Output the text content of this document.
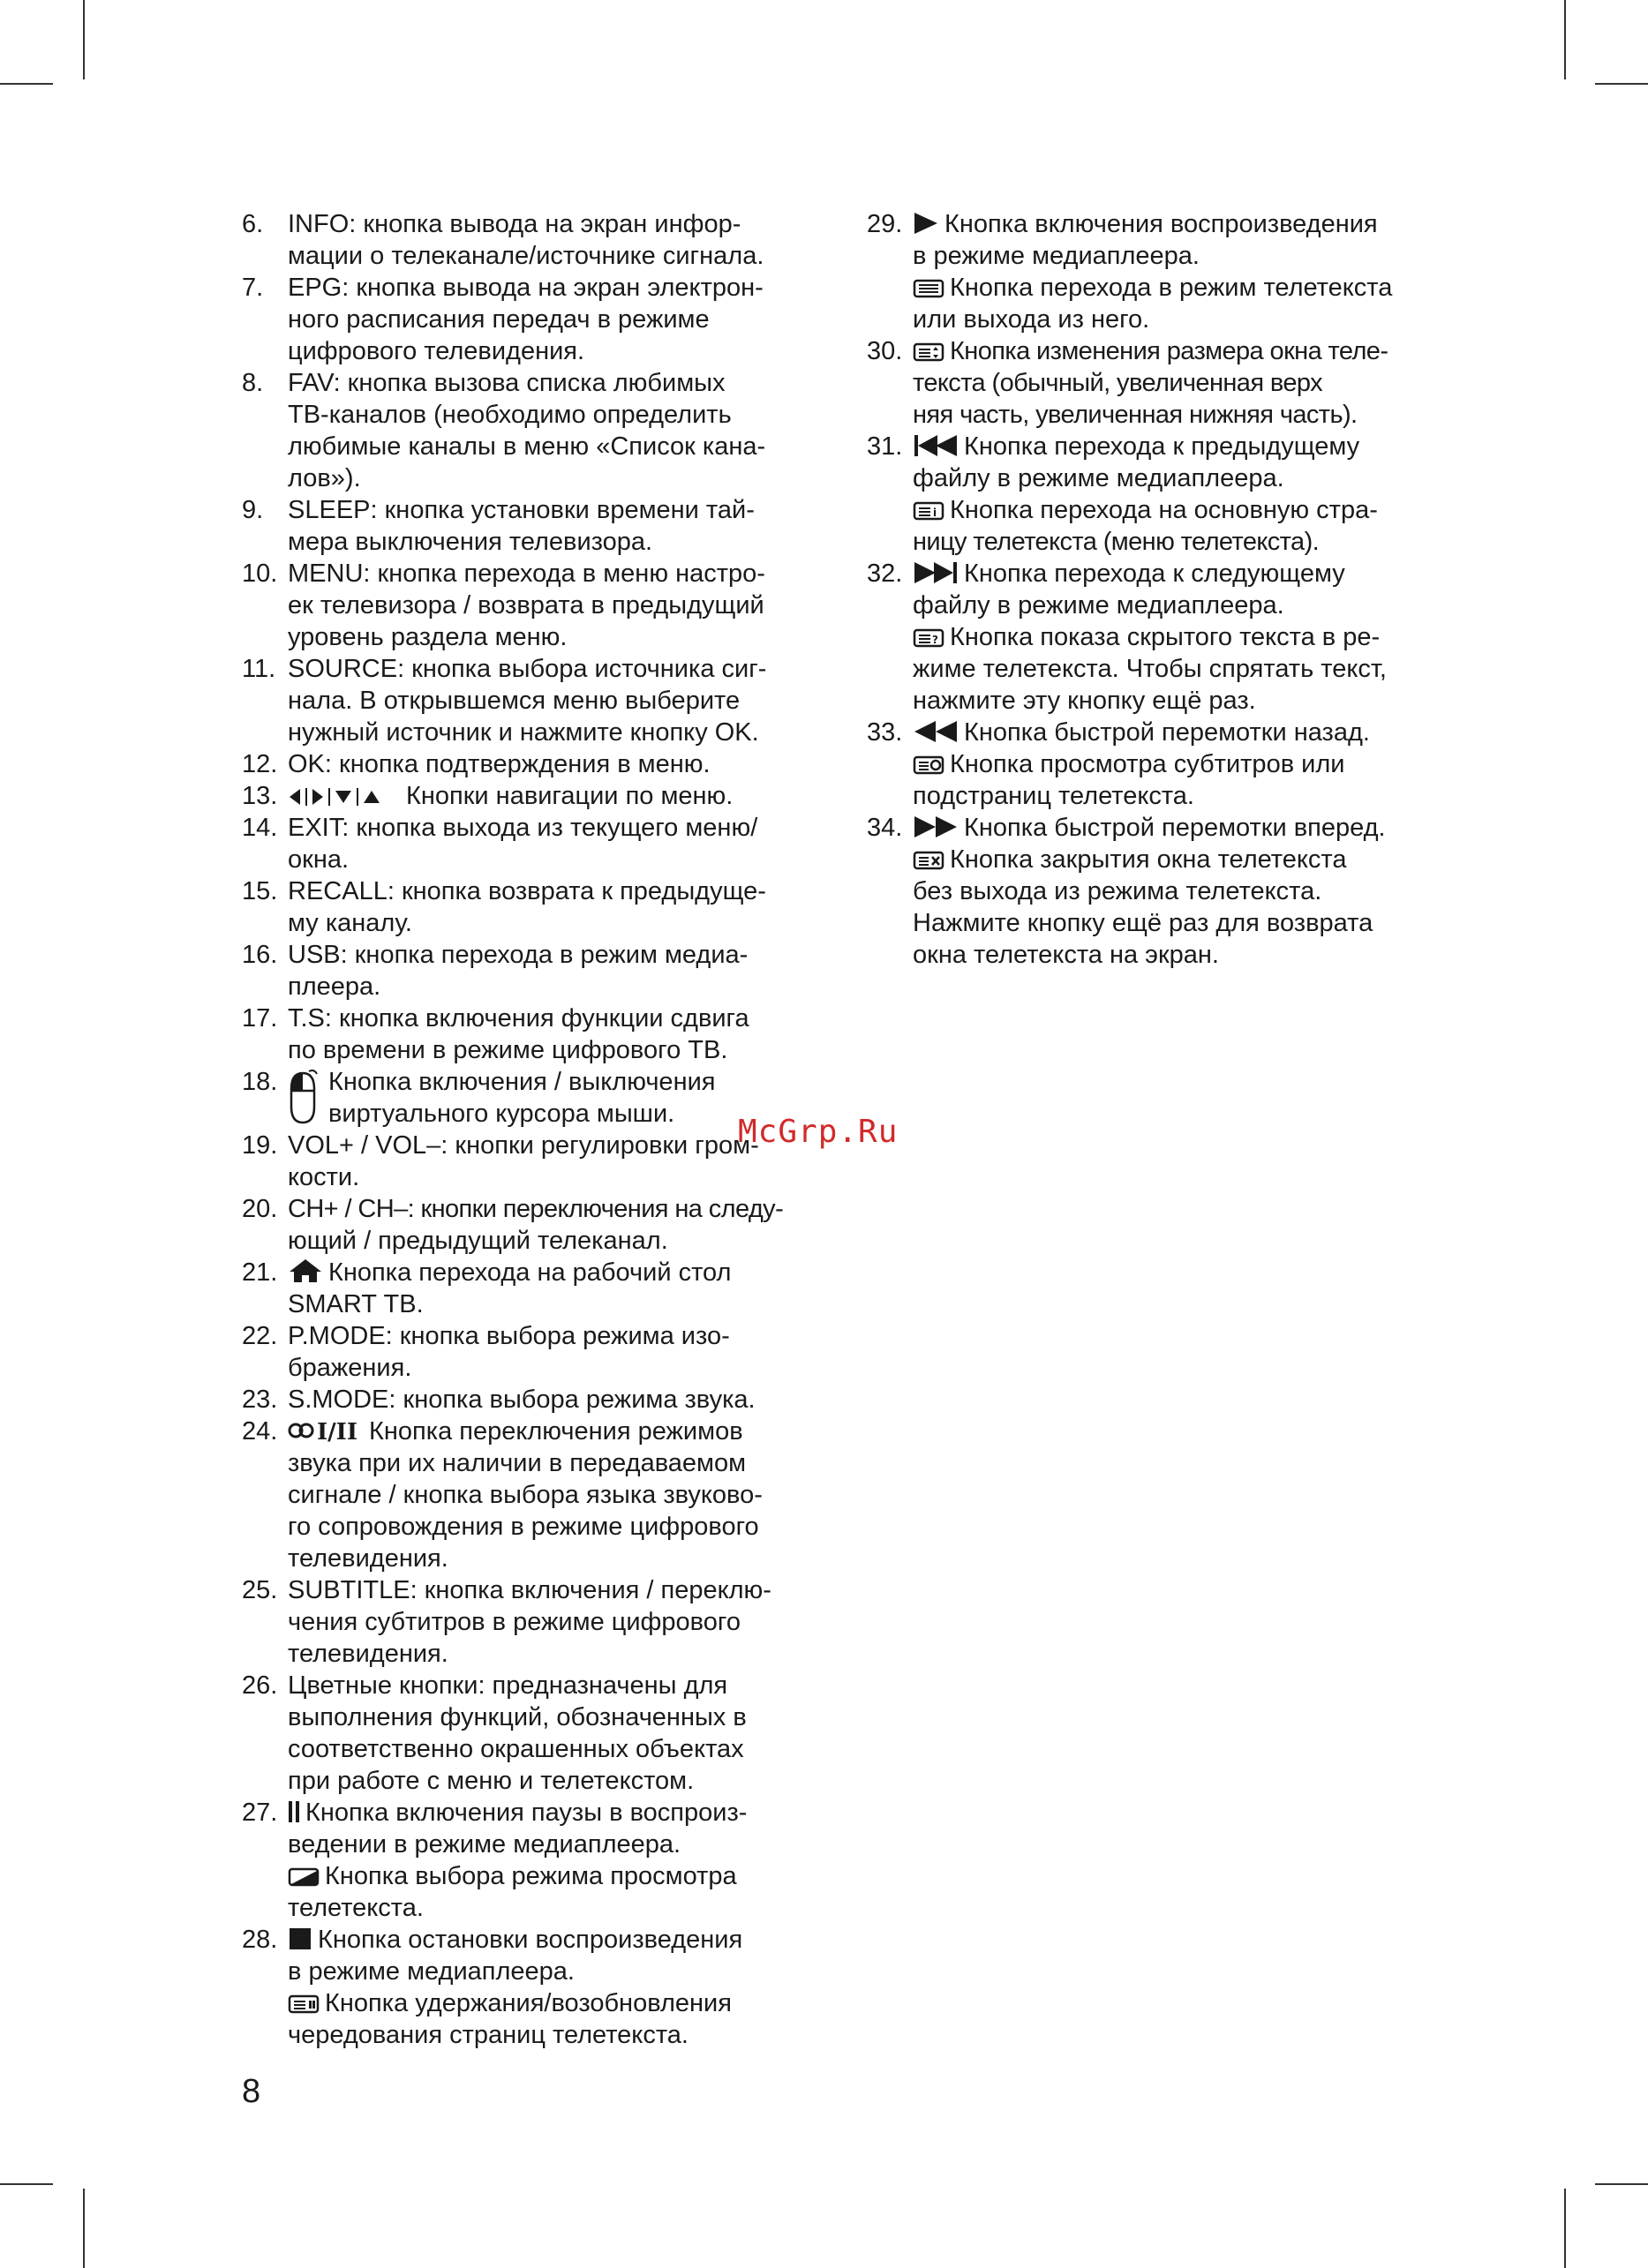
6. INFO: кнопка вывода на экран инфор-
мации о телеканале/источнике сигнала.
7. EPG: кнопка вывода на экран электрон-
ного расписания передач в режиме
цифрового телевидения.
8. FAV: кнопка вызова списка любимых
ТВ-каналов (необходимо определить
любимые каналы в меню «Список кана-
лов»).
9. SLEEP: кнопка установки времени тай-
мера выключения телевизора.
10. MENU: кнопка перехода в меню настро-
ек телевизора / возврата в предыдущий
уровень раздела меню.
11. SOURCE: кнопка выбора источника сиг-
нала. В открывшемся меню выберите
нужный источник и нажмите кнопку OK.
12. OK: кнопка подтверждения в меню.
13.	Кнопки навигации по меню.
14. EXIT: кнопка выхода из текущего меню/
окна.
15. RECALL: кнопка возврата к предыдуще-
му каналу.
16. USB: кнопка перехода в режим медиа-
плеера.
17. T.S: кнопка включения функции сдвига
по времени в режиме цифрового ТВ.
18.	Кнопка включения / выключения
виртуального курсора мыши.
19. VOL+ / VOL–: кнопки регулировки гром-
кости.
20. CH+ / CH–: кнопки переключения на следу-
ющий / предыдущий телеканал.
21.	Кнопка перехода на рабочий стол
SMART ТВ.
22. P.MODE: кнопка выбора режима изо-
бражения.
23. S.MODE: кнопка выбора режима звука.
24.	I/II Кнопка переключения режимов
звука при их наличии в передаваемом
сигнале / кнопка выбора языка звуково-
го сопровождения в режиме цифрового
телевидения.
25. SUBTITLE: кнопка включения / переклю-
чения субтитров в режиме цифрового
телевидения.
26. Цветные кнопки: предназначены для
выполнения функций, обозначенных в
соответственно окрашенных объектах
при работе с меню и телетекстом.
27.	Кнопка включения паузы в воспроиз-
ведении в режиме медиаплеера.
Кнопка выбора режима просмотра
телетекста.
28.	Кнопка остановки воспроизведения
в режиме медиаплеера.
Кнопка удержания/возобновления
чередования страниц телетекста.
29.	Кнопка включения воспроизведения
в режиме медиаплеера.
Кнопка перехода в режим телетекста
или выхода из него.
30.	Кнопка изменения размера окна теле-
текста (обычный, увеличенная верх
няя часть, увеличенная нижняя часть).
31.	Кнопка перехода к предыдущему
файлу в режиме медиаплеера.
i Кнопка перехода на основную стра-
ницу телетекста (меню телетекста).
32.	Кнопка перехода к следующему
файлу в режиме медиаплеера.
? Кнопка показа скрытого текста в ре-
жиме телетекста. Чтобы спрятать текст,
нажмите эту кнопку ещё раз.
33.	Кнопка быстрой перемотки назад.
Кнопка просмотра субтитров или
подстраниц телетекста.
34.	Кнопка быстрой перемотки вперед.
Кнопка закрытия окна телетекста
без выхода из режима телетекста.
Нажмите кнопку ещё раз для возврата
окна телетекста на экран.
McGrp.Ru
8
